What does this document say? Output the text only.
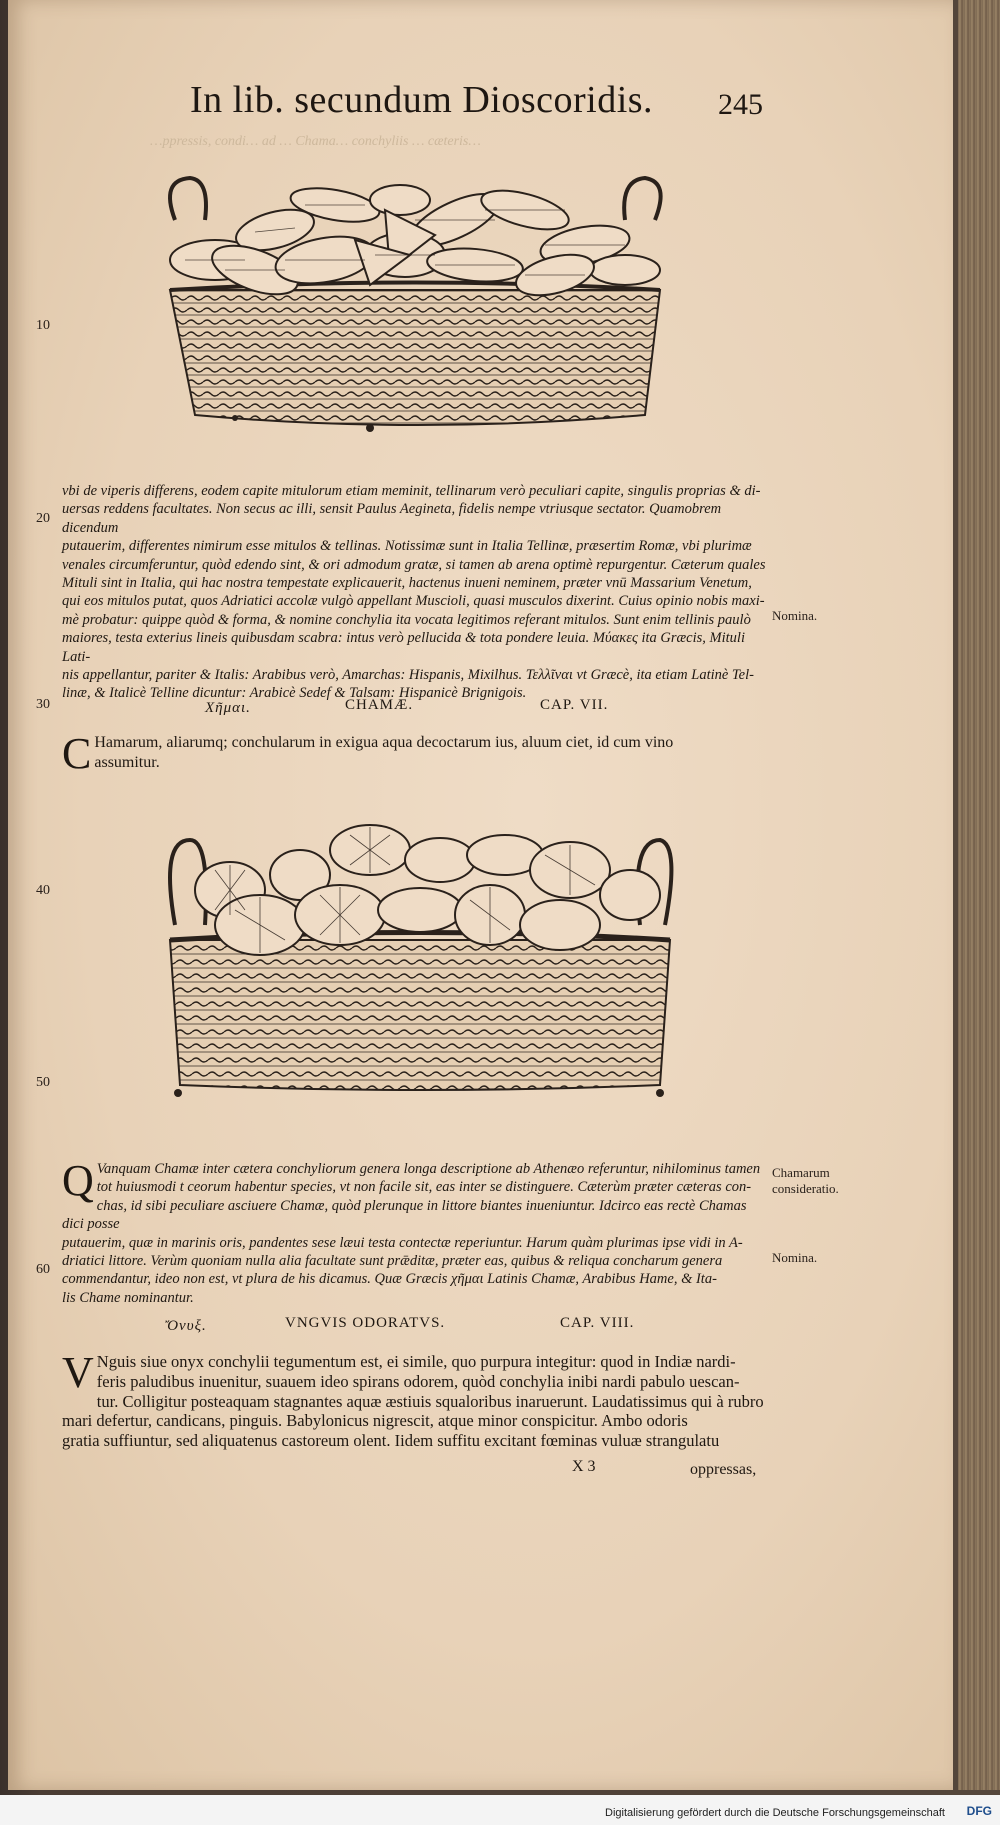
In lib. secundum Dioscoridis. 245
…ppressis, condi… ad … Chama… conchyliis … cæteris…
10
20
30
40
50
60
vbi de viperis differens, eodem capite mitulorum etiam meminit, tellinarum verò peculiari capite, singulis proprias & di-
uersas reddens facultates. Non secus ac illi, sensit Paulus Aegineta, fidelis nempe vtriusque sectator. Quamobrem dicendum
putauerim, differentes nimirum esse mitulos & tellinas. Notissimæ sunt in Italia Tellinæ, præsertim Romæ, vbi plurimæ
venales circumferuntur, quòd edendo sint, & ori admodum gratæ, si tamen ab arena optimè repurgentur. Cæterum quales
Mituli sint in Italia, qui hac nostra tempestate explicauerit, hactenus inueni neminem, præter vnū Massarium Venetum,
qui eos mitulos putat, quos Adriatici accolæ vulgò appellant Muscioli, quasi musculos dixerint. Cuius opinio nobis maxi-
mè probatur: quippe quòd & forma, & nomine conchylia ita vocata legitimos referant mitulos. Sunt enim tellinis paulò
maiores, testa exterius lineis quibusdam scabra: intus verò pellucida & tota pondere leuia. Μύακες ita Græcis, Mituli Lati-
nis appellantur, pariter & Italis: Arabibus verò, Amarchas: Hispanis, Mixilhus. Τελλῖναι vt Græcè, ita etiam Latinè Tel-
linæ, & Italicè Telline dicuntur: Arabicè Sedef & Talsam: Hispanicè Brignigois.
Nomina.
Χῆμαι.	CHAMÆ.	CAP. VII.
C Hamarum, aliarumq; conchularum in exigua aqua decoctarum ius, aluum ciet, id cum vino
assumitur.
Q Vanquam Chamæ inter cætera conchyliorum genera longa descriptione ab Athenæo referuntur, nihilominus tamen
tot huiusmodi t ceorum habentur species, vt non facile sit, eas inter se distinguere. Cæterùm præter cæteras con-
chas, id sibi peculiare asciuere Chamæ, quòd plerunque in littore biantes inueniuntur. Idcirco eas rectè Chamas dici posse
putauerim, quæ in marinis oris, pandentes sese læui testa contectæ reperiuntur. Harum quàm plurimas ipse vidi in A-
driatici littore. Verùm quoniam nulla alia facultate sunt prǣditæ, præter eas, quibus & reliqua concharum genera
commendantur, ideo non est, vt plura de his dicamus. Quæ Græcis χῆμαι Latinis Chamæ, Arabibus Hame, & Ita-
lis Chame nominantur.
Chamarum
consideratio.
Nomina.
Ὄνυξ.	VNGVIS ODORATVS.	CAP. VIII.
V Nguis siue onyx conchylii tegumentum est, ei simile, quo purpura integitur: quod in Indiæ nardi-
feris paludibus inuenitur, suauem ideo spirans odorem, quòd conchylia inibi nardi pabulo uescan-
tur. Colligitur posteaquam stagnantes aquæ æstiuis squaloribus inaruerunt. Laudatissimus qui à rubro
mari defertur, candicans, pinguis. Babylonicus nigrescit, atque minor conspicitur. Ambo odoris
gratia suffiuntur, sed aliquatenus castoreum olent. Iidem suffitu excitant fœminas vuluæ strangulatu
X 3	oppressas,
Digitalisierung gefördert durch die Deutsche Forschungsgemeinschaft DFG
